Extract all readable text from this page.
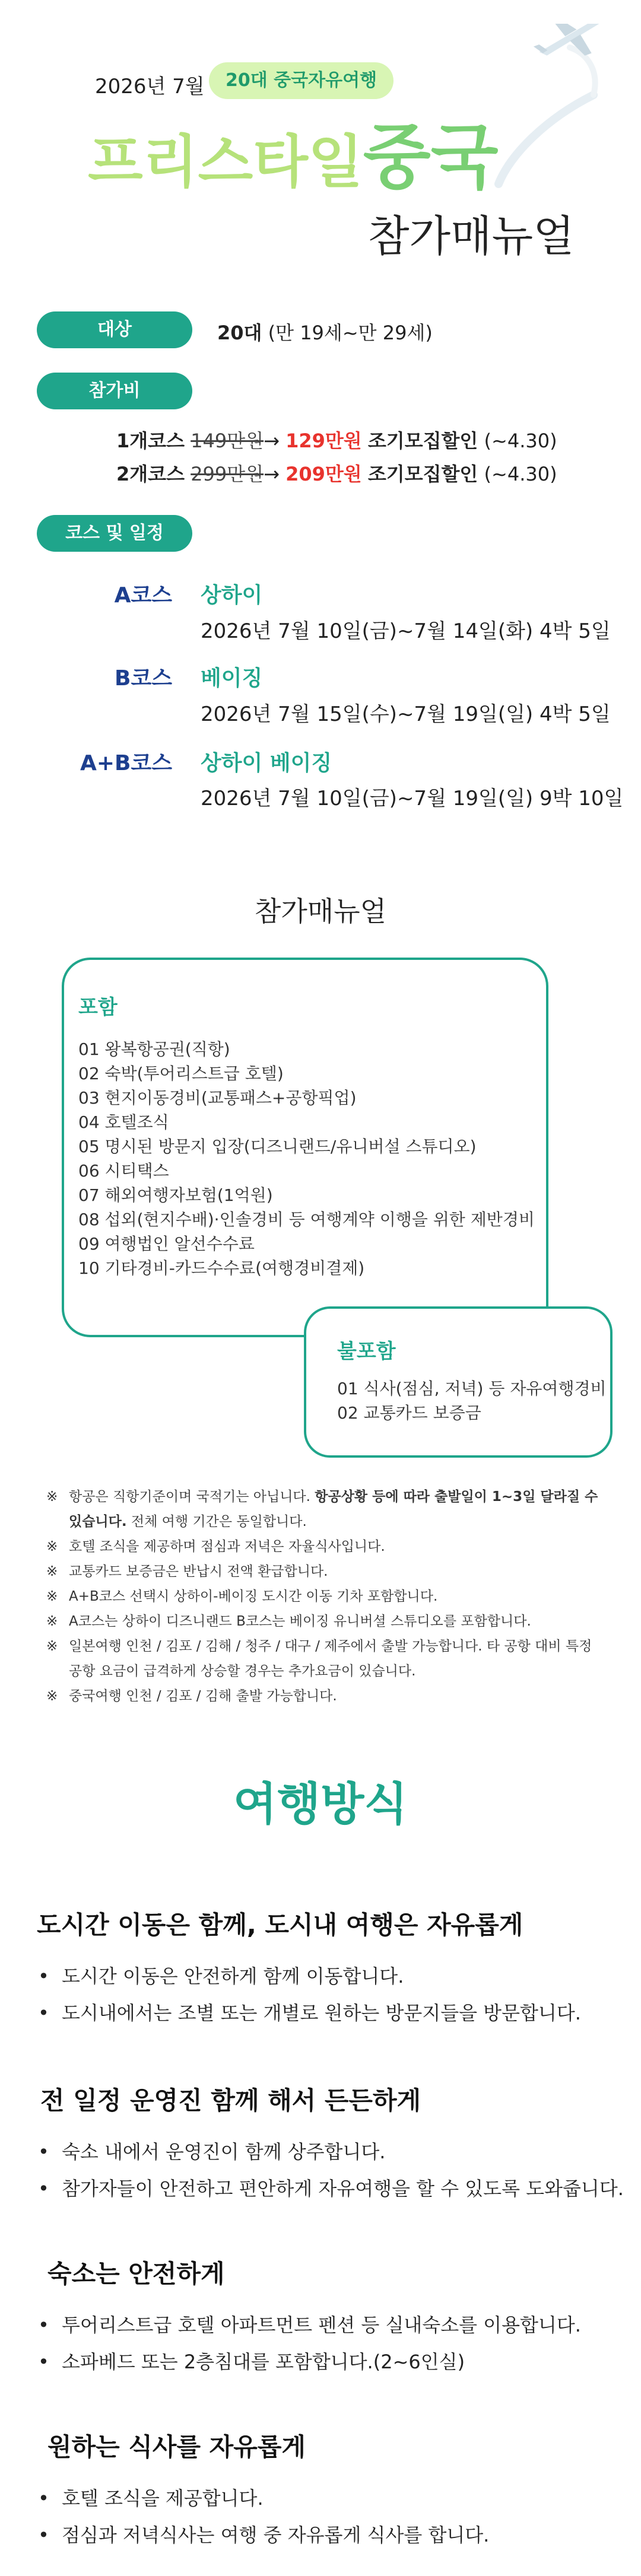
2026년 7월	20대 중국자유여행
프리스타일중국
참가매뉴얼
대상	20대 (만 19세~만 29세)
참가비
1개코스 149만원→ 129만원 조기모집할인 (~4.30)
2개코스 299만원→ 209만원 조기모집할인 (~4.30)
코스 및 일정
A코스 상하이
2026년 7월 10일(금)~7월 14일(화) 4박 5일
B코스 베이징
2026년 7월 15일(수)~7월 19일(일) 4박 5일
A+B코스 상하이 베이징
2026년 7월 10일(금)~7월 19일(일) 9박 10일
참가매뉴얼
포함
01 왕복항공권(직항)
02 숙박(투어리스트급 호텔)
03 현지이동경비(교통패스+공항픽업)
04 호텔조식
05 명시된 방문지 입장(디즈니랜드/유니버설 스튜디오)
06 시티택스
07 해외여행자보험(1억원)
08 섭외(현지수배)·인솔경비 등 여행계약 이행을 위한 제반경비
09 여행법인 알선수수료
10 기타경비-카드수수료(여행경비결제)
불포함
01 식사(점심, 저녁) 등 자유여행경비
02 교통카드 보증금
※ 항공은 직항기준이며 국적기는 아닙니다. 항공상황 등에 따라 출발일이 1~3일 달라질 수 있습니다. 전체 여행 기간은 동일합니다.
※ 호텔 조식을 제공하며 점심과 저녁은 자율식사입니다.
※ 교통카드 보증금은 반납시 전액 환급합니다.
※ A+B코스 선택시 상하이-베이징 도시간 이동 기차 포함합니다.
※ A코스는 상하이 디즈니랜드 B코스는 베이징 유니버셜 스튜디오를 포함합니다.
※ 일본여행 인천 / 김포 / 김해 / 청주 / 대구 / 제주에서 출발 가능합니다. 타 공항 대비 특정 공항 요금이 급격하게 상승할 경우는 추가요금이 있습니다.
※ 중국여행 인천 / 김포 / 김해 출발 가능합니다.
여행방식
도시간 이동은 함께, 도시내 여행은 자유롭게
• 도시간 이동은 안전하게 함께 이동합니다.
• 도시내에서는 조별 또는 개별로 원하는 방문지들을 방문합니다.
전 일정 운영진 함께 해서 든든하게
• 숙소 내에서 운영진이 함께 상주합니다.
• 참가자들이 안전하고 편안하게 자유여행을 할 수 있도록 도와줍니다.
숙소는 안전하게
• 투어리스트급 호텔 아파트먼트 펜션 등 실내숙소를 이용합니다.
• 소파베드 또는 2층침대를 포함합니다.(2~6인실)
원하는 식사를 자유롭게
• 호텔 조식을 제공합니다.
• 점심과 저녁식사는 여행 중 자유롭게 식사를 합니다.
